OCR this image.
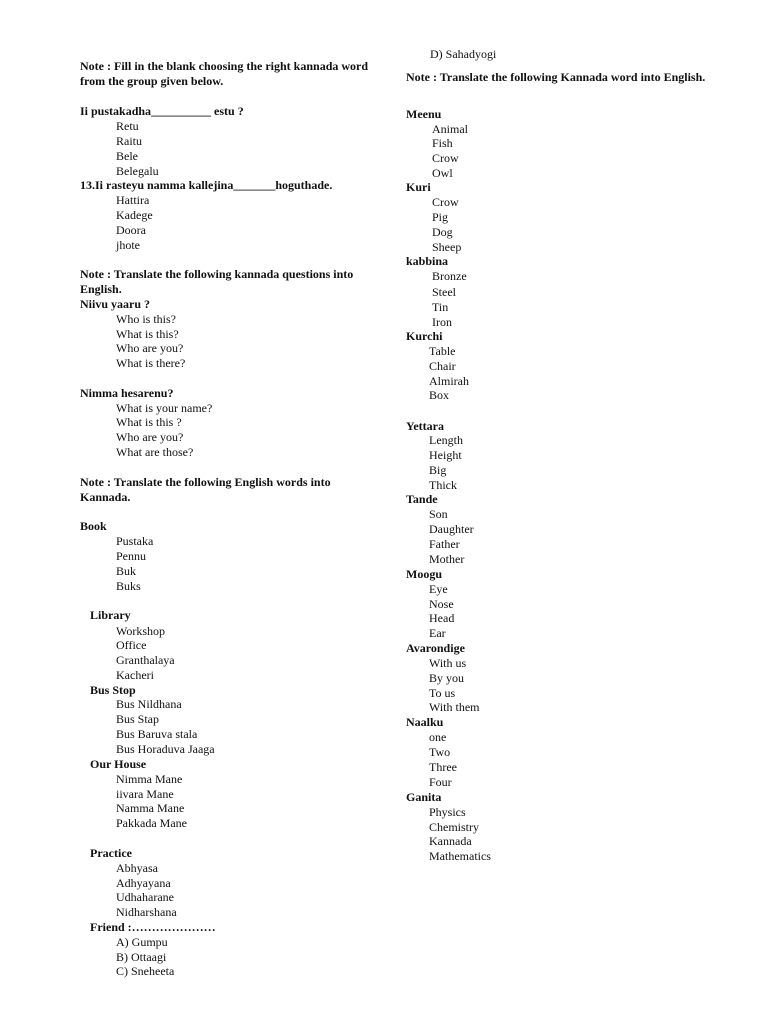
Note : Fill in the blank choosing the right kannada word from the group given below.
Ii pustakadha__________ estu ?
Retu
Raitu
Bele
Belegalu
13.Ii rasteyu namma kallejina_______hoguthade.
Hattira
Kadege
Doora
jhote
Note : Translate the following kannada questions into English.
Niivu yaaru ?
Who is this?
What is this?
Who are you?
What is there?
Nimma hesarenu?
What is your name?
What is this ?
Who are you?
What are those?
Note : Translate the following English words into Kannada.
Book
Pustaka
Pennu
Buk
Buks
Library
Workshop
Office
Granthalaya
Kacheri
Bus Stop
Bus Nildhana
Bus Stap
Bus Baruva stala
Bus Horaduva Jaaga
Our House
Nimma Mane
iivara Mane
Namma Mane
Pakkada Mane
Practice
Abhyasa
Adhyayana
Udhaharane
Nidharshana
Friend :…………………
A) Gumpu
B) Ottaagi
C) Sneheeta
D) Sahadyogi
Note : Translate the following Kannada word into English.
Meenu
Animal
Fish
Crow
Owl
Kuri
Crow
Pig
Dog
Sheep
kabbina
Bronze
Steel
Tin
Iron
Kurchi
Table
Chair
Almirah
Box
Yettara
Length
Height
Big
Thick
Tande
Son
Daughter
Father
Mother
Moogu
Eye
Nose
Head
Ear
Avarondige
With us
By you
To us
With them
Naalku
one
Two
Three
Four
Ganita
Physics
Chemistry
Kannada
Mathematics
